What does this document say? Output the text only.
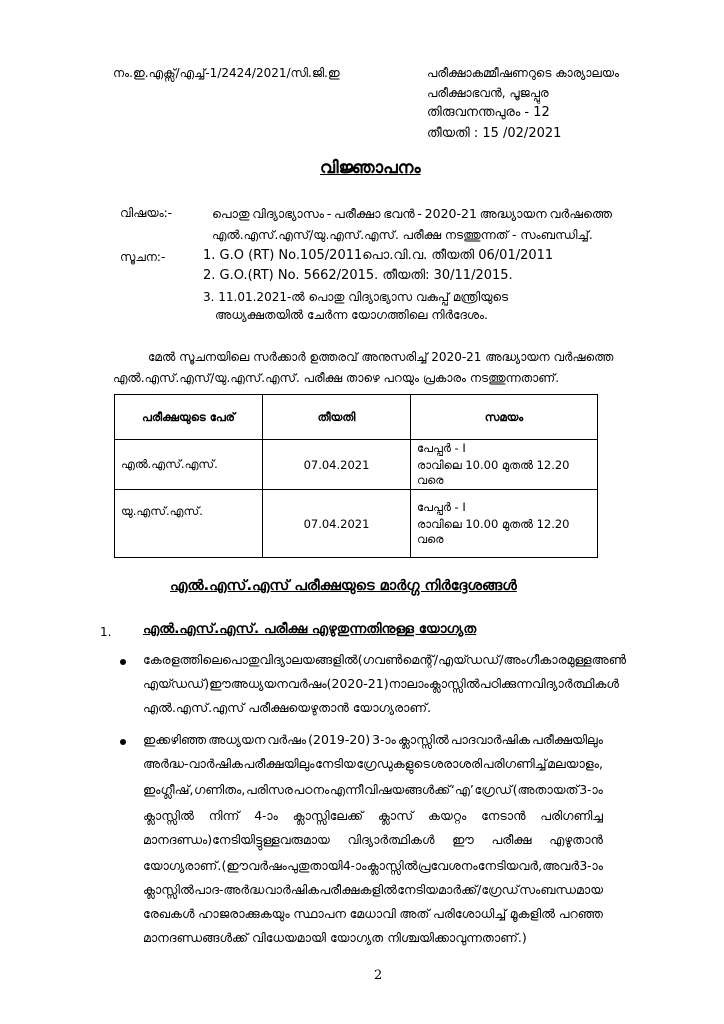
നം.ഇ.എക്സ്/എച്ച്-1/2424/2021/സി.ജി.ഇ	പരീക്ഷാകമ്മീഷണറുടെ കാര്യാലയം
പരീക്ഷാഭവൻ, പൂജപ്പുര
തിരുവനന്തപുരം - 12
തീയതി : 15 /02/2021
വിജ്ഞാപനം
വിഷയം:-	പൊതു വിദ്യാഭ്യാസം - പരീക്ഷാ ഭവൻ - 2020-21 അദ്ധ്യായന വർഷത്തെ
എൽ.എസ്.എസ്/യു.എസ്.എസ്. പരീക്ഷ നടത്തുന്നത് - സംബന്ധിച്ച്.
സൂചന:-	1. G.O (RT) No.105/2011പൊ.വി.വ. തീയതി 06/01/2011
2. G.O.(RT) No. 5662/2015. തീയതി: 30/11/2015.
3. 11.01.2021-ൽ പൊതു വിദ്യാഭ്യാസ വകുപ്പ് മന്ത്രിയുടെ
അധ്യക്ഷതയിൽ ചേർന്ന യോഗത്തിലെ നിർദേശം.
മേൽ സൂചനയിലെ സർക്കാർ ഉത്തരവ് അനുസരിച്ച് 2020-21 അദ്ധ്യായന വർഷത്തെ
എൽ.എസ്.എസ്/യു.എസ്.എസ്. പരീക്ഷ താഴെ പറയും പ്രകാരം നടത്തുന്നതാണ്.
പരീക്ഷയുടെ പേര്	തീയതി	സമയം
എൽ.എസ്.എസ്.	07.04.2021	പേപ്പർ - I
രാവിലെ 10.00 മുതൽ 12.20 വരെ

യു.എസ്.എസ്.	07.04.2021	പേപ്പർ - I
രാവിലെ 10.00 മുതൽ 12.20 വരെ
എൽ.എസ്.എസ് പരീക്ഷയുടെ മാർഗ്ഗ നിർദ്ദേശങ്ങൾ
1. എൽ.എസ്.എസ്. പരീക്ഷ എഴുതുന്നതിനുള്ള യോഗ്യത
കേരളത്തിലെ പൊതുവിദ്യാലയങ്ങളിൽ (ഗവൺമെന്റ്/എയ്ഡഡ്/അംഗീകാരമുള്ള അൺ
എയ്ഡഡ്) ഈ അധ്യയന വർഷം (2020-21) നാലാം ക്ലാസ്സിൽ പഠിക്കുന്ന വിദ്യാർത്ഥികൾ
എൽ.എസ്.എസ് പരീക്ഷയെഴുതാൻ യോഗ്യരാണ്.
ഇക്കഴിഞ്ഞ അധ്യയന വർഷം (2019-20) 3-ാം ക്ലാസ്സിൽ പാദവാർഷിക പരീക്ഷയിലും
അർദ്ധ-വാർഷിക പരീക്ഷയിലും നേടിയ ഗ്രേഡുകളുടെ ശരാശരി പരിഗണിച്ച് മലയാളം,
ഇംഗ്ലീഷ്, ഗണിതം, പരിസര പഠനം എന്നീ വിഷയങ്ങൾക്ക് ‘എ’ ഗ്രേഡ് (അതായത് 3-ാം
ക്ലാസ്സിൽ നിന്ന് 4-ാം ക്ലാസ്സിലേക്ക് ക്ലാസ് കയറ്റം നേടാൻ പരിഗണിച്ച
മാനദണ്ഡം)നേടിയിട്ടുള്ളവരുമായ വിദ്യാർത്ഥികൾ ഈ പരീക്ഷ എഴുതാൻ
യോഗ്യരാണ്. (ഈ വർഷം പുതുതായി 4-ാം ക്ലാസ്സിൽ പ്രവേശനം നേടിയവർ, അവർ 3-ാം
ക്ലാസ്സിൽ പാദ-അർദ്ധ വാർഷിക പരീക്ഷകളിൽ നേടിയ മാർക്ക്/ഗ്രേഡ് സംബന്ധമായ
രേഖകൾ ഹാജരാക്കുകയും സ്ഥാപന മേധാവി അത് പരിശോധിച്ച് മൂകളിൽ പറഞ്ഞ
മാനദണ്ഡങ്ങൾക്ക് വിധേയമായി യോഗ്യത നിശ്ചയിക്കാവുന്നതാണ്.)
2
